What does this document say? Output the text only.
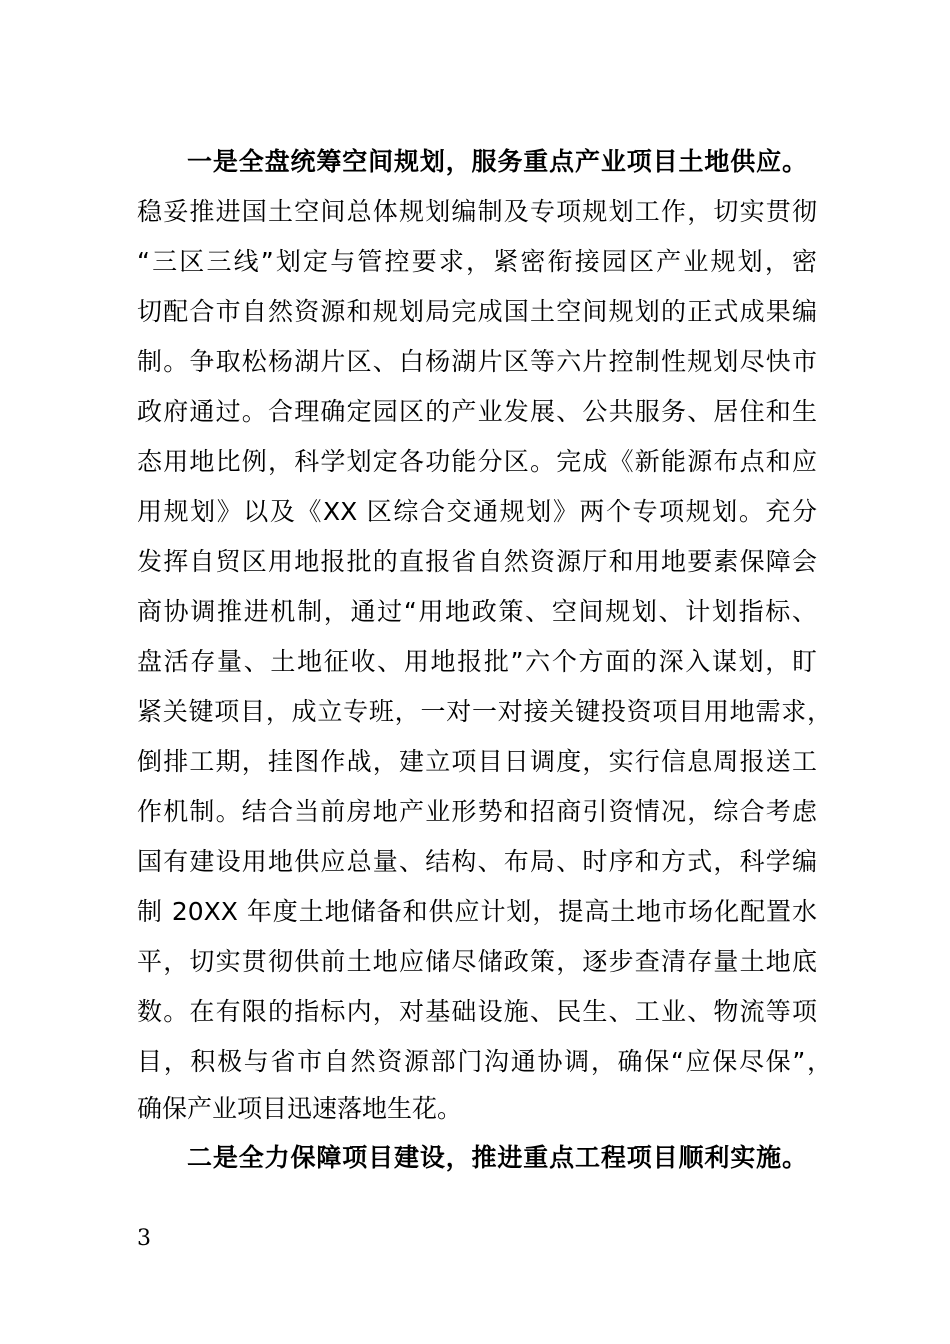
一是全盘统筹空间规划，服务重点产业项目土地供应。
稳妥推进国土空间总体规划编制及专项规划工作，切实贯彻
“三区三线”划定与管控要求，紧密衔接园区产业规划，密
切配合市自然资源和规划局完成国土空间规划的正式成果编
制。争取松杨湖片区、白杨湖片区等六片控制性规划尽快市
政府通过。合理确定园区的产业发展、公共服务、居住和生
态用地比例，科学划定各功能分区。完成《新能源布点和应
用规划》以及《XX 区综合交通规划》两个专项规划。充分
发挥自贸区用地报批的直报省自然资源厅和用地要素保障会
商协调推进机制，通过“用地政策、空间规划、计划指标、
盘活存量、土地征收、用地报批”六个方面的深入谋划，盯
紧关键项目，成立专班，一对一对接关键投资项目用地需求，
倒排工期，挂图作战，建立项目日调度，实行信息周报送工
作机制。结合当前房地产业形势和招商引资情况，综合考虑
国有建设用地供应总量、结构、布局、时序和方式，科学编
制 20XX 年度土地储备和供应计划，提高土地市场化配置水
平，切实贯彻供前土地应储尽储政策，逐步查清存量土地底
数。在有限的指标内，对基础设施、民生、工业、物流等项
目，积极与省市自然资源部门沟通协调，确保“应保尽保”，
确保产业项目迅速落地生花。
二是全力保障项目建设，推进重点工程项目顺利实施。
3
